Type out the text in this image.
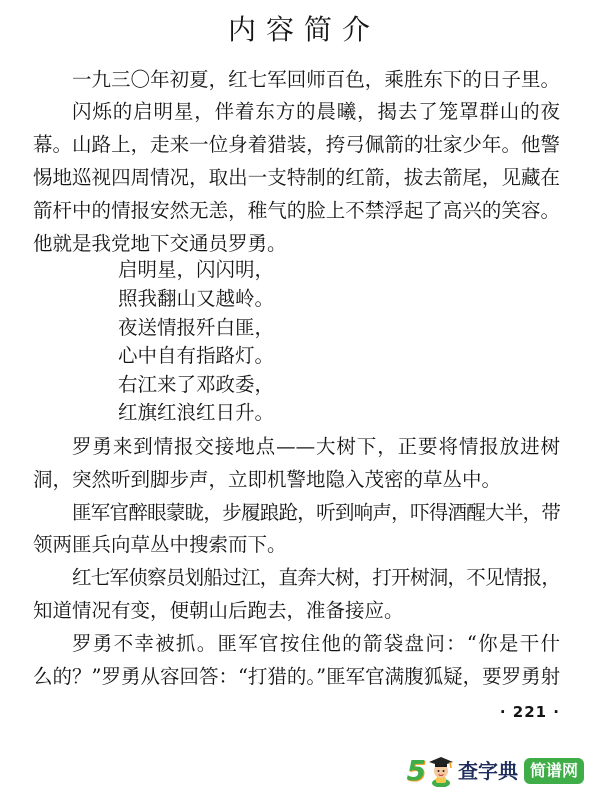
内容简介
一九三〇年初夏，红七军回师百色，乘胜东下的日子里。
闪烁的启明星，伴着东方的晨曦，揭去了笼罩群山的夜
幕。山路上，走来一位身着猎装，挎弓佩箭的壮家少年。他警
惕地巡视四周情况，取出一支特制的红箭，拔去箭尾，见藏在
箭杆中的情报安然无恙，稚气的脸上不禁浮起了高兴的笑容。
他就是我党地下交通员罗勇。
启明星，闪闪明，
照我翻山又越岭。
夜送情报歼白匪，
心中自有指路灯。
右江来了邓政委，
红旗红浪红日升。
罗勇来到情报交接地点——大树下，正要将情报放进树
洞，突然听到脚步声，立即机警地隐入茂密的草丛中。
匪军官醉眼蒙眬，步履踉跄，听到响声，吓得酒醒大半，带
领两匪兵向草丛中搜索而下。
红七军侦察员划船过江，直奔大树，打开树洞，不见情报，
知道情况有变，便朝山后跑去，准备接应。
罗勇不幸被抓。匪军官按住他的箭袋盘问：“你是干什
么的？”罗勇从容回答：“打猎的。”匪军官满腹狐疑，要罗勇射
· 221 ·
5 查字典 简谱网
